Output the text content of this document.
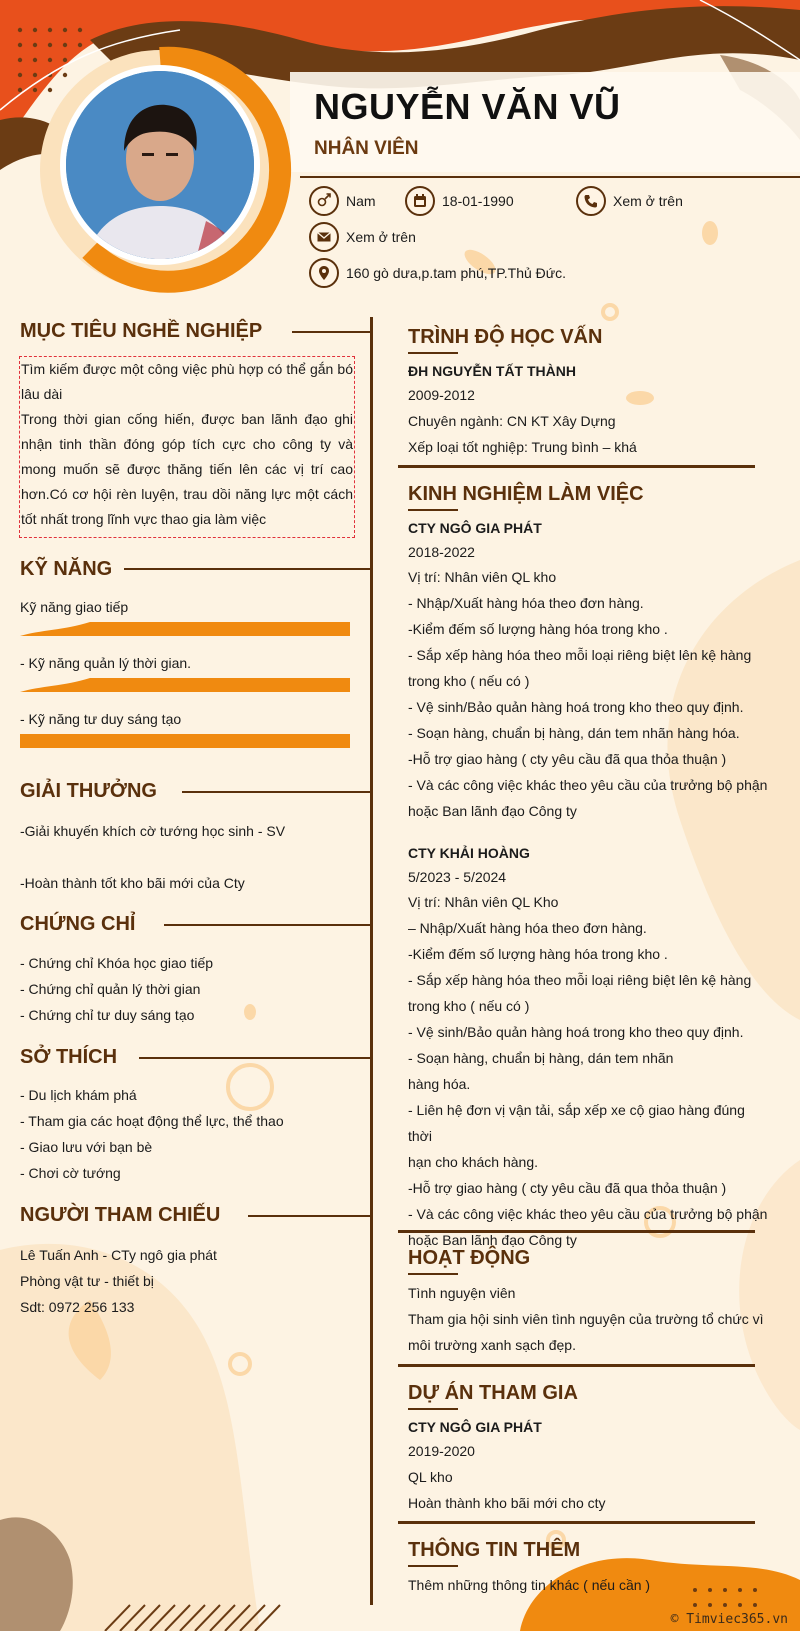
NGUYỄN VĂN VŨ
NHÂN VIÊN
Nam	18-01-1990	Xem ở trên
Xem ở trên
160 gò dưa,p.tam phú,TP.Thủ Đức.
MỤC TIÊU NGHỀ NGHIỆP

Tìm kiếm được một công việc phù hợp có thể gắn bó lâu dài

Trong thời gian cống hiến, được ban lãnh đạo ghi nhận tinh thần đóng góp tích cực cho công ty và mong muốn sẽ được thăng tiến lên các vị trí cao hơn.Có cơ hội rèn luyện, trau dồi năng lực một cách tốt nhất trong lĩnh vực thao gia làm việc

KỸ NĂNG
Kỹ năng giao tiếp
- Kỹ năng quản lý thời gian.
- Kỹ năng tư duy sáng tạo
GIẢI THƯỞNG
-Giải khuyến khích cờ tướng học sinh - SV
-Hoàn thành tốt kho bãi mới của Cty
CHỨNG CHỈ
- Chứng chỉ Khóa học giao tiếp
- Chứng chỉ quản lý thời gian
- Chứng chỉ tư duy sáng tạo
SỞ THÍCH
- Du lịch khám phá
- Tham gia các hoạt động thể lực, thể thao
- Giao lưu với bạn bè
- Chơi cờ tướng
NGƯỜI THAM CHIẾU
Lê Tuấn Anh - CTy ngô gia phát
Phòng vật tư - thiết bị
Sdt: 0972 256 133
TRÌNH ĐỘ HỌC VẤN
ĐH NGUYỄN TẤT THÀNH
2009-2012
Chuyên ngành: CN KT Xây Dựng
Xếp loại tốt nghiệp: Trung bình – khá
KINH NGHIỆM LÀM VIỆC
CTY NGÔ GIA PHÁT
2018-2022
Vị trí: Nhân viên QL kho
- Nhập/Xuất hàng hóa theo đơn hàng.
-Kiểm đếm số lượng hàng hóa trong kho .
- Sắp xếp hàng hóa theo mỗi loại riêng biệt lên kệ hàng
trong kho ( nếu có )
- Vệ sinh/Bảo quản hàng hoá trong kho theo quy định.
- Soạn hàng, chuẩn bị hàng, dán tem nhãn hàng hóa.
-Hỗ trợ giao hàng ( cty yêu cầu đã qua thỏa thuận )
- Và các công việc khác theo yêu cầu của trưởng bộ phận
hoặc Ban lãnh đạo Công ty
CTY KHẢI HOÀNG
5/2023 - 5/2024
Vị trí: Nhân viên QL Kho
– Nhập/Xuất hàng hóa theo đơn hàng.
-Kiểm đếm số lượng hàng hóa trong kho .
- Sắp xếp hàng hóa theo mỗi loại riêng biệt lên kệ hàng
trong kho ( nếu có )
- Vệ sinh/Bảo quản hàng hoá trong kho theo quy định.
- Soạn hàng, chuẩn bị hàng, dán tem nhãn
hàng hóa.
- Liên hệ đơn vị vận tải, sắp xếp xe cộ giao hàng đúng thời
hạn cho khách hàng.
-Hỗ trợ giao hàng ( cty yêu cầu đã qua thỏa thuận )
- Và các công việc khác theo yêu cầu của trưởng bộ phận
hoặc Ban lãnh đạo Công ty
HOẠT ĐỘNG
Tình nguyện viên
Tham gia hội sinh viên tình nguyện của trường tổ chức vì
môi trường xanh sạch đẹp.
DỰ ÁN THAM GIA
CTY NGÔ GIA PHÁT
2019-2020
QL kho
Hoàn thành kho bãi mới cho cty
THÔNG TIN THÊM
Thêm những thông tin khác ( nếu cần )
© Timviec365.vn
